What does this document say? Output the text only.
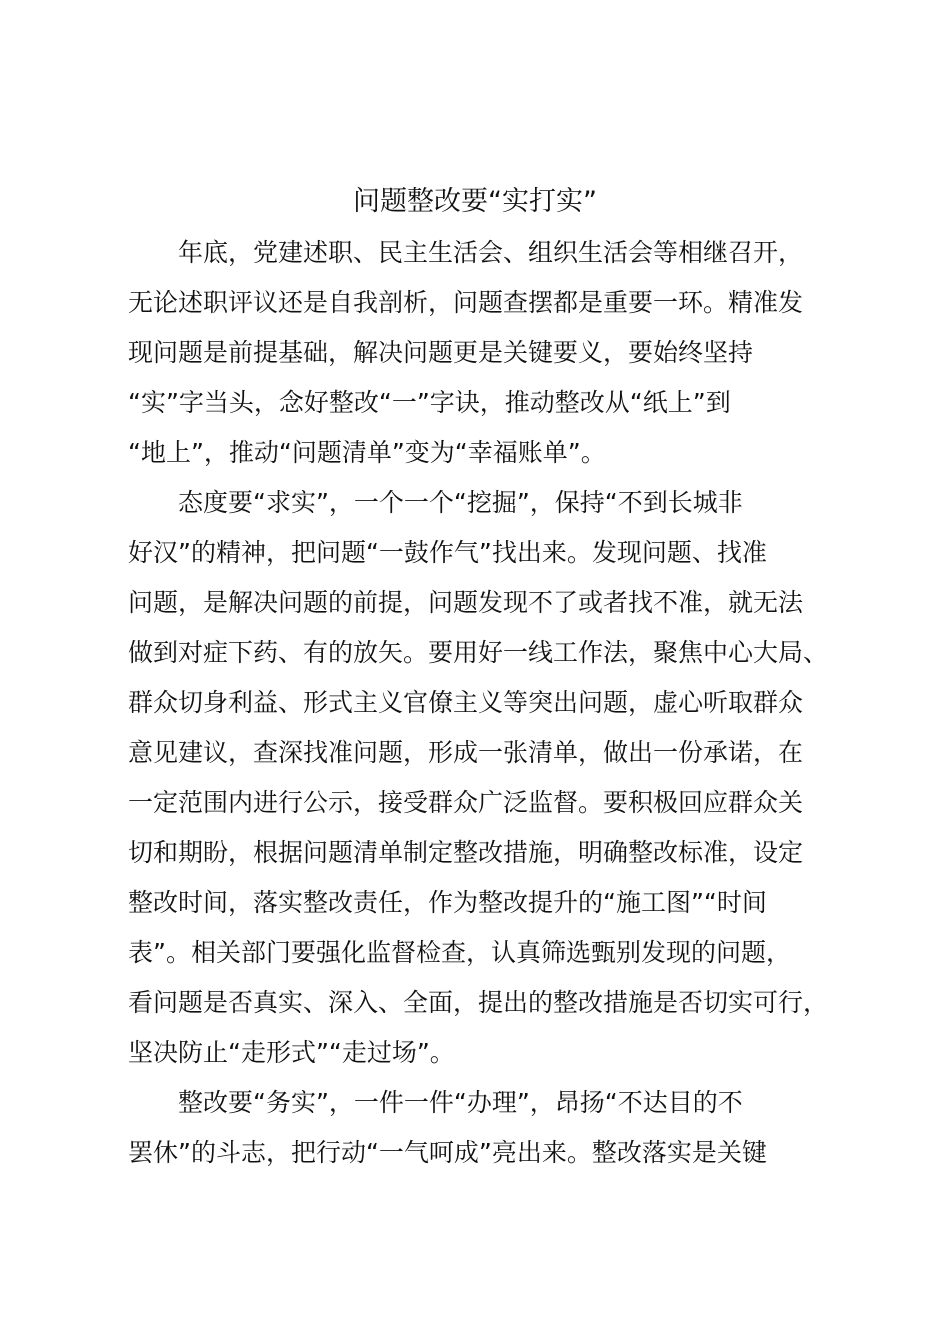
问题整改要“实打实”
　　年底，党建述职、民主生活会、组织生活会等相继召开，
无论述职评议还是自我剖析，问题查摆都是重要一环。精准发
现问题是前提基础，解决问题更是关键要义，要始终坚持
“实”字当头，念好整改“一”字诀，推动整改从“纸上”到
“地上”，推动“问题清单”变为“幸福账单”。
　　态度要“求实”，一个一个“挖掘”，保持“不到长城非
好汉”的精神，把问题“一鼓作气”找出来。发现问题、找准
问题，是解决问题的前提，问题发现不了或者找不准，就无法
做到对症下药、有的放矢。要用好一线工作法，聚焦中心大局、
群众切身利益、形式主义官僚主义等突出问题，虚心听取群众
意见建议，查深找准问题，形成一张清单，做出一份承诺，在
一定范围内进行公示，接受群众广泛监督。要积极回应群众关
切和期盼，根据问题清单制定整改措施，明确整改标准，设定
整改时间，落实整改责任，作为整改提升的“施工图”“时间
表”。相关部门要强化监督检查，认真筛选甄别发现的问题，
看问题是否真实、深入、全面，提出的整改措施是否切实可行，
坚决防止“走形式”“走过场”。
　　整改要“务实”，一件一件“办理”，昂扬“不达目的不
罢休”的斗志，把行动“一气呵成”亮出来。整改落实是关键
